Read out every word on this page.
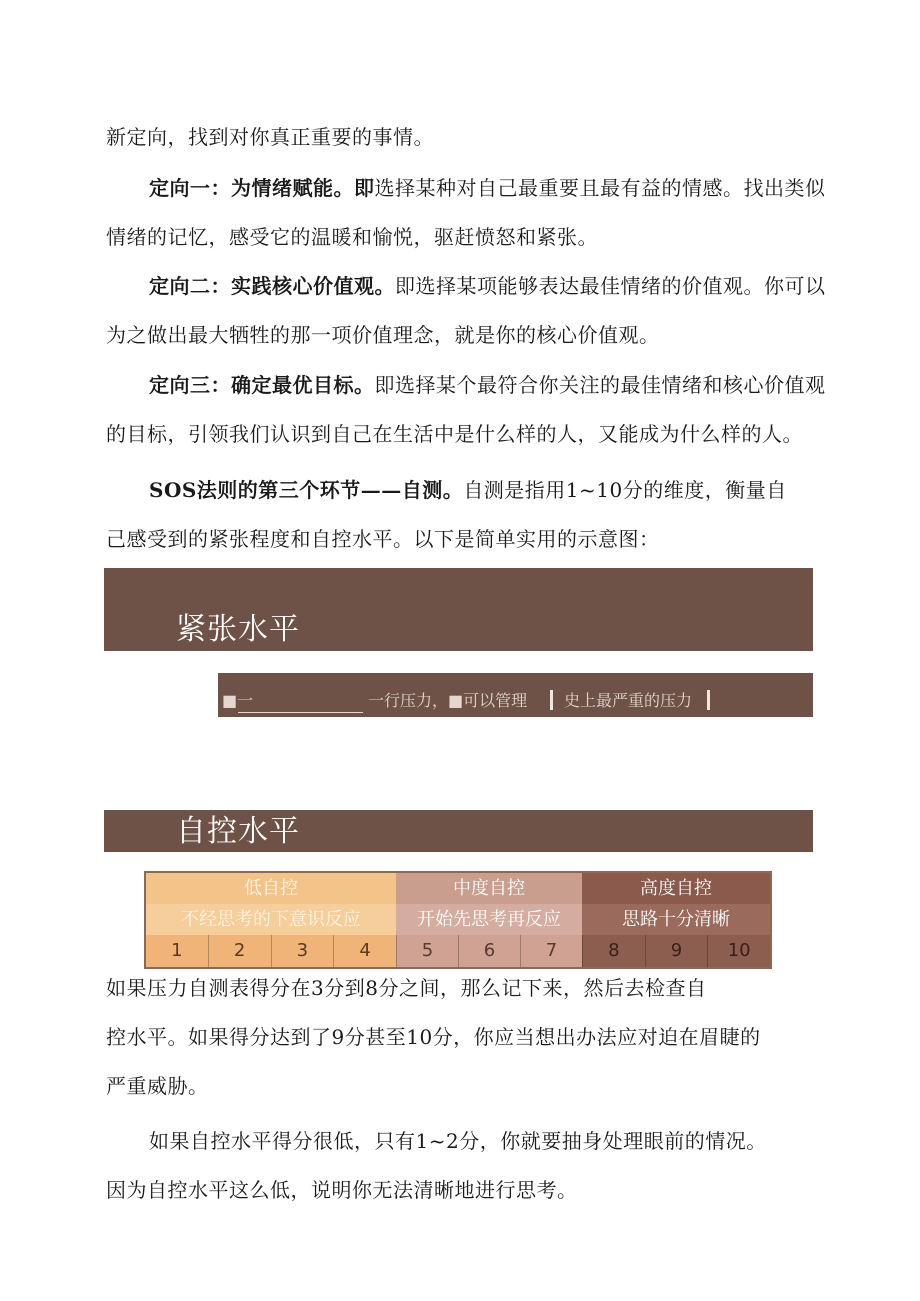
新定向，找到对你真正重要的事情。
定向一：为情绪赋能。即选择某种对自己最重要且最有益的情感。找出类似
情绪的记忆，感受它的温暖和愉悦，驱赶愤怒和紧张。
定向二：实践核心价值观。即选择某项能够表达最佳情绪的价值观。你可以
为之做出最大牺牲的那一项价值理念，就是你的核心价值观。
定向三：确定最优目标。即选择某个最符合你关注的最佳情绪和核心价值观
的目标，引领我们认识到自己在生活中是什么样的人，又能成为什么样的人。
SOS法则的第三个环节——自测。自测是指用1~10分的维度，衡量自
己感受到的紧张程度和自控水平。以下是简单实用的示意图：
紧张水平
■一	一行压力，■可以管理 史上最严重的压力
自控水平
低自控
不经思考的下意识反应
1	2	3	4
中度自控
开始先思考再反应
5	6	7
高度自控
思路十分清晰
8	9	10
如果压力自测表得分在3分到8分之间，那么记下来，然后去检查自
控水平。如果得分达到了9分甚至10分，你应当想出办法应对迫在眉睫的
严重威胁。
如果自控水平得分很低，只有1~2分，你就要抽身处理眼前的情况。
因为自控水平这么低，说明你无法清晰地进行思考。
